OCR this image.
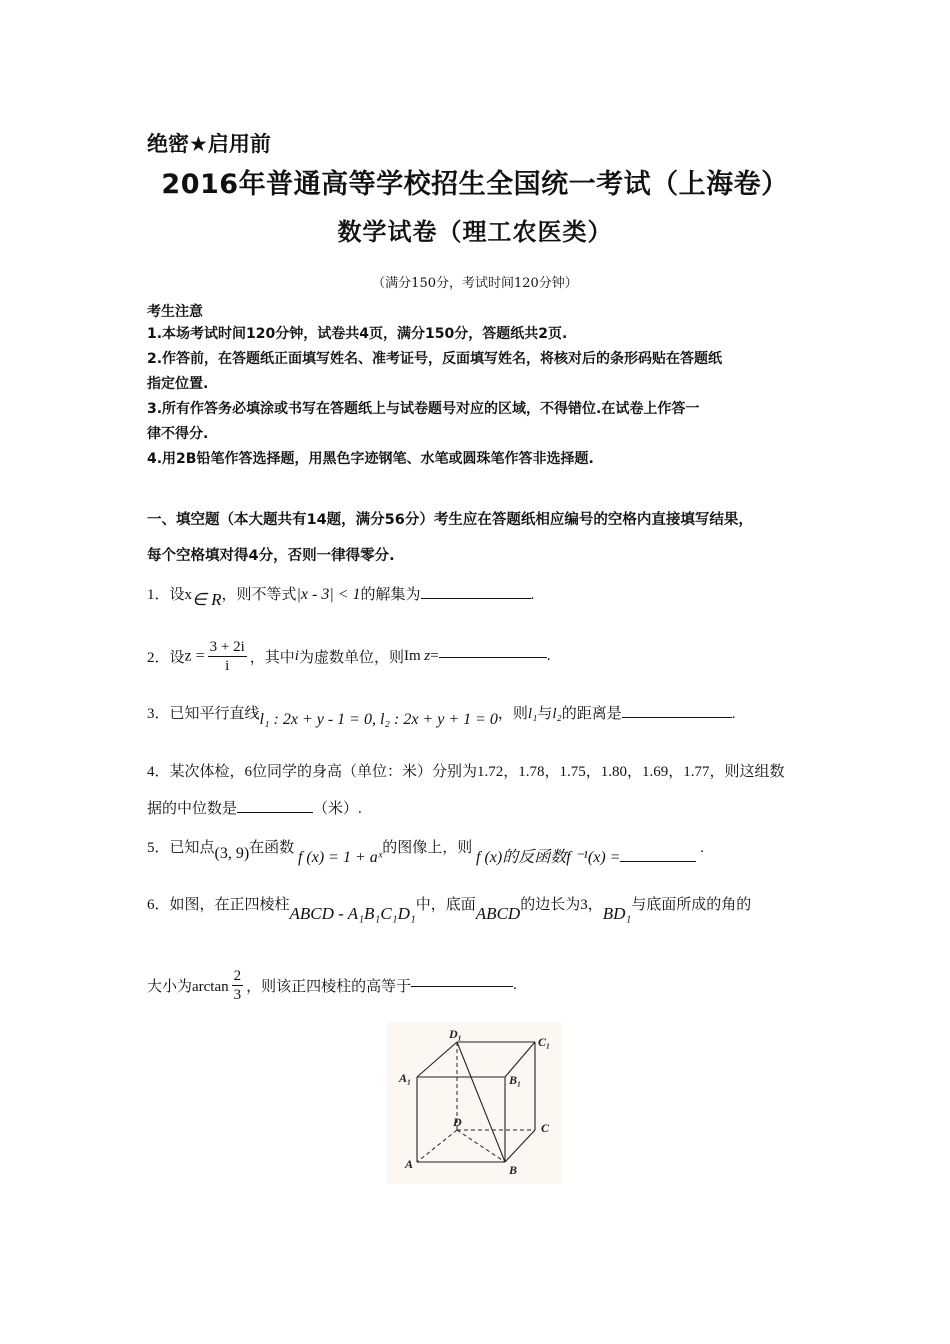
绝密★启用前
2016年普通高等学校招生全国统一考试（上海卷）
数学试卷（理工农医类）
（满分150分，考试时间120分钟）
考生注意
1.本场考试时间120分钟，试卷共4页，满分150分，答题纸共2页.
2.作答前，在答题纸正面填写姓名、准考证号，反面填写姓名，将核对后的条形码贴在答题纸
指定位置.
3.所有作答务必填涂或书写在答题纸上与试卷题号对应的区域，不得错位.在试卷上作答一
律不得分.
4.用2B铅笔作答选择题，用黑色字迹钢笔、水笔或圆珠笔作答非选择题.
一、填空题（本大题共有14题，满分56分）考生应在答题纸相应编号的空格内直接填写结果，
每个空格填对得4分，否则一律得零分.
1．设x∈ R，则不等式|x - 3| < 1的解集为	.
2．设$z = \frac{3 + 2i}{i}$ ，其中i为虚数单位，则Im z=	.
3．已知平行直线l₁ : 2x + y - 1 = 0, l₂ : 2x + y + 1 = 0，则l₁与l₂的距离是	.
4．某次体检，6位同学的身高（单位：米）分别为1.72，1.78，1.75，1.80，1.69，1.77，则这组数
据的中位数是	（米）.
5．已知点(3, 9)在函数 f (x) = 1 + aˣ的图像上，则 f (x)的反函数f ⁻¹(x) = .
6．如图，在正四棱柱ABCD - A₁B₁C₁D₁中，底面ABCD的边长为3，BD₁与底面所成的角的
大小为$\arctan \frac{2}{3}$ ，则该正四棱柱的高等于	.
D₁
C₁
A₁	B₁
D	C
A	B
